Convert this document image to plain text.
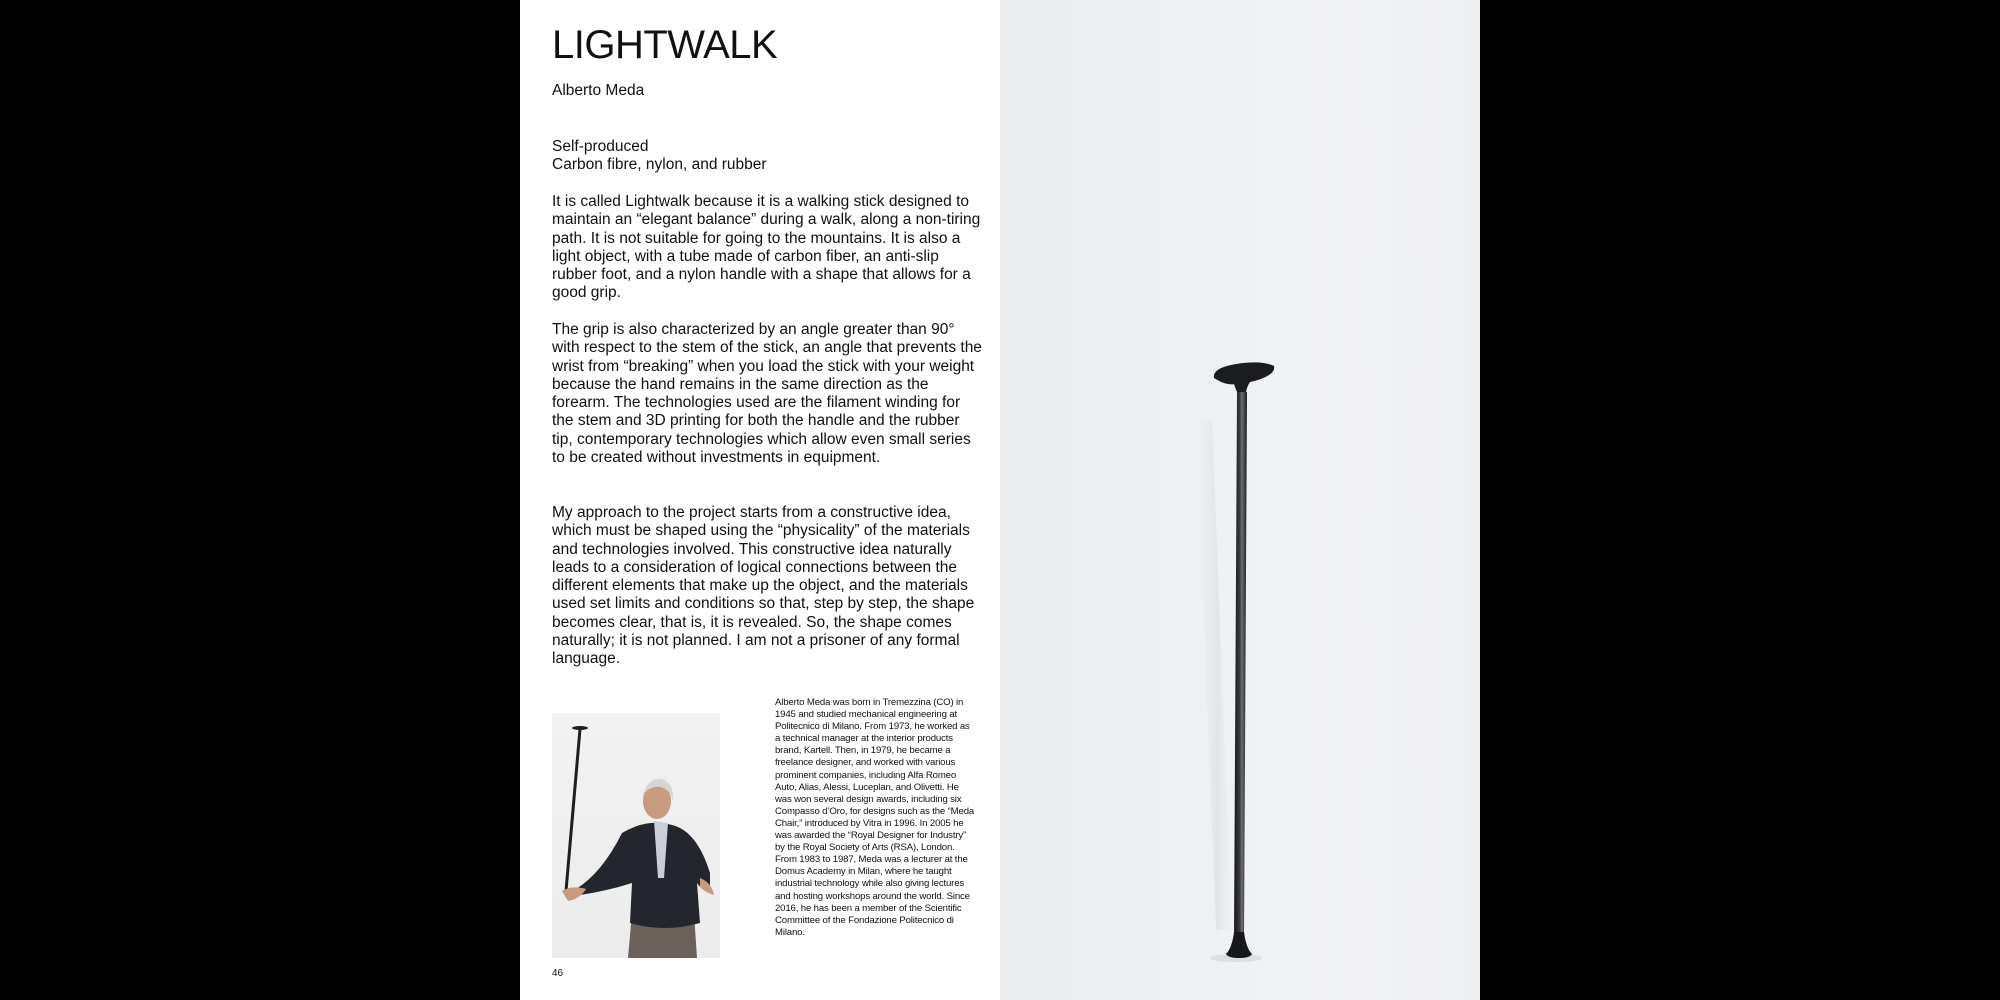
LIGHTWALK
Alberto Meda
Self-produced
Carbon fibre, nylon, and rubber

It is called Lightwalk because it is a walking stick designed to maintain an “elegant balance” during a walk, along a non-tiring path. It is not suitable for going to the mountains. It is also a light object, with a tube made of carbon fiber, an anti-slip rubber foot, and a nylon handle with a shape that allows for a good grip.

The grip is also characterized by an angle greater than 90° with respect to the stem of the stick, an angle that prevents the wrist from “breaking” when you load the stick with your weight because the hand remains in the same direction as the forearm. The technologies used are the filament winding for the stem and 3D printing for both the handle and the rubber tip, contemporary technologies which allow even small series to be created without investments in equipment.

My approach to the project starts from a constructive idea, which must be shaped using the “physicality” of the materials and technologies involved. This constructive idea naturally leads to a consideration of logical connections between the different elements that make up the object, and the materials used set limits and conditions so that, step by step, the shape becomes clear, that is, it is revealed. So, the shape comes naturally; it is not planned. I am not a prisoner of any formal language.

Alberto Meda was born in Tremezzina (CO) in 1945 and studied mechanical engineering at Politecnico di Milano. From 1973, he worked as a technical manager at the interior products brand, Kartell. Then, in 1979, he became a freelance designer, and worked with various prominent companies, including Alfa Romeo Auto, Alias, Alessi, Luceplan, and Olivetti. He was won several design awards, including six Compasso d’Oro, for designs such as the “Meda Chair,” introduced by Vitra in 1996. In 2005 he was awarded the “Royal Designer for Industry” by the Royal Society of Arts (RSA), London. From 1983 to 1987, Meda was a lecturer at the Domus Academy in Milan, where he taught industrial technology while also giving lectures and hosting workshops around the world. Since 2016, he has been a member of the Scientific Committee of the Fondazione Politecnico di Milano.

46
